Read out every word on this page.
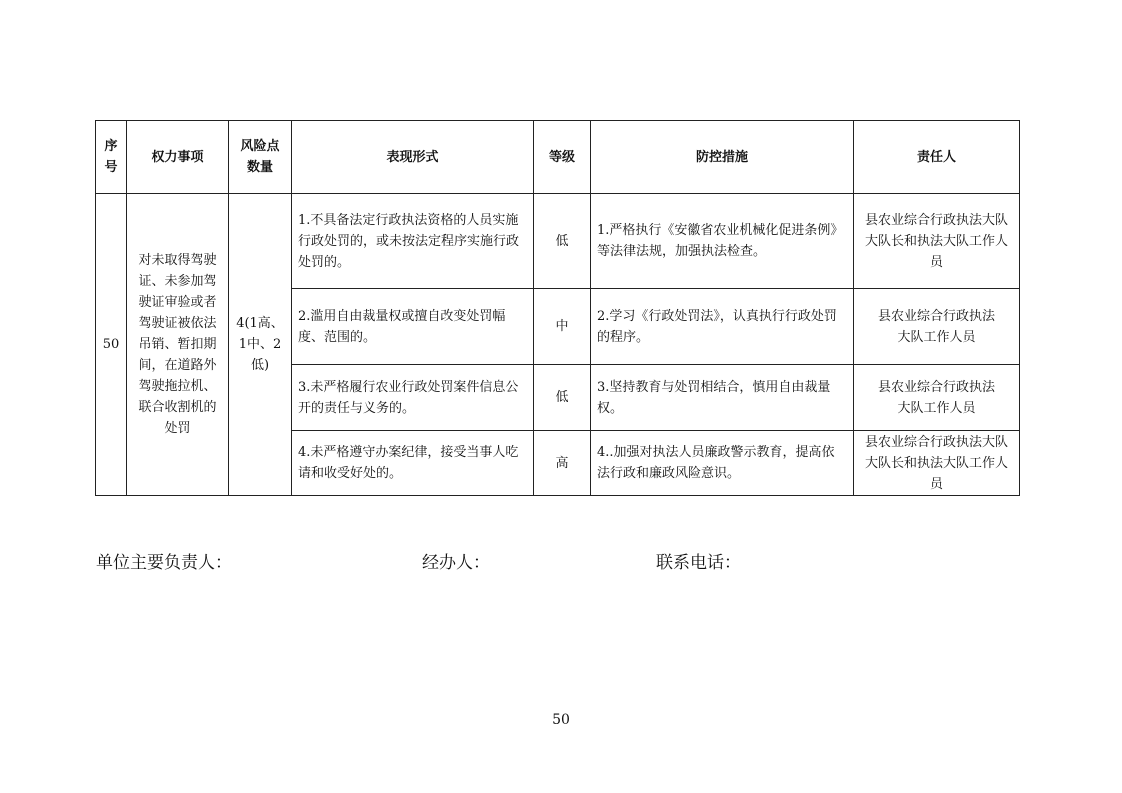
序号	权力事项	风险点数量	表现形式	等级	防控措施	责任人
50	对未取得驾驶证、未参加驾驶证审验或者驾驶证被依法吊销、暂扣期间，在道路外驾驶拖拉机、联合收割机的处罚	4(1高、1中、2低)	1.不具备法定行政执法资格的人员实施行政处罚的，或未按法定程序实施行政处罚的。	低	1.严格执行《安徽省农业机械化促进条例》等法律法规，加强执法检查。	县农业综合行政执法大队大队长和执法大队工作人员
			2.滥用自由裁量权或擅自改变处罚幅度、范围的。	中	2.学习《行政处罚法》，认真执行行政处罚的程序。	县农业综合行政执法大队工作人员
			3.未严格履行农业行政处罚案件信息公开的责任与义务的。	低	3.坚持教育与处罚相结合，慎用自由裁量权。	县农业综合行政执法大队工作人员
			4.未严格遵守办案纪律，接受当事人吃请和收受好处的。	高	4..加强对执法人员廉政警示教育，提高依法行政和廉政风险意识。	县农业综合行政执法大队大队长和执法大队工作人员
单位主要负责人：	经办人：	联系电话：
50
